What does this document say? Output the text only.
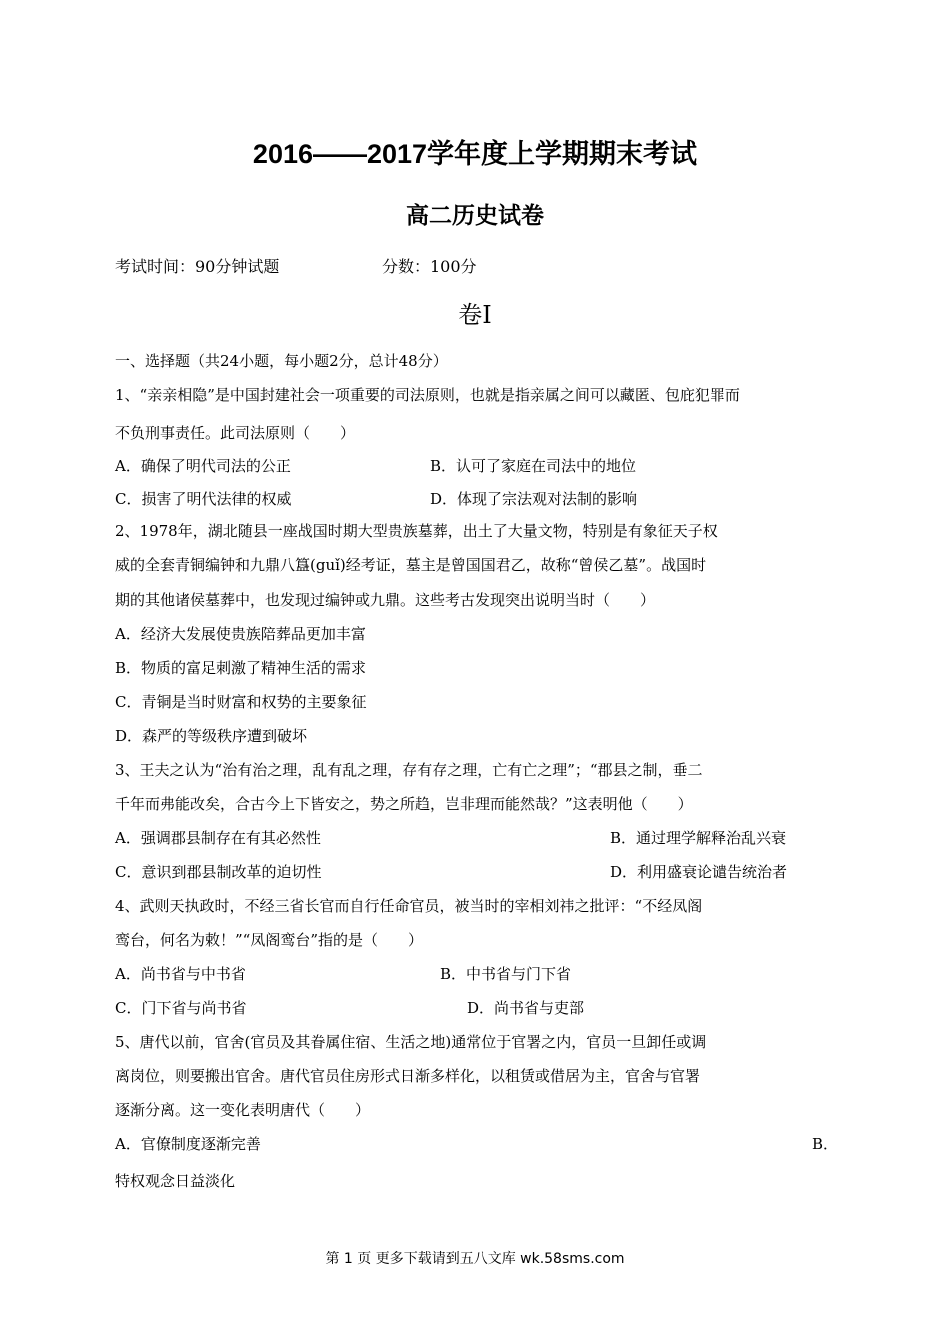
2016——2017学年度上学期期末考试
高二历史试卷
考试时间：90分钟试题	分数：100分
卷Ⅰ
一、选择题（共24小题，每小题2分，总计48分）
1、“亲亲相隐”是中国封建社会一项重要的司法原则，也就是指亲属之间可以藏匿、包庇犯罪而
不负刑事责任。此司法原则（　　）
A．确保了明代司法的公正	B．认可了家庭在司法中的地位
C．损害了明代法律的权威	D．体现了宗法观对法制的影响
2、1978年，湖北随县一座战国时期大型贵族墓葬，出土了大量文物，特别是有象征天子权
威的全套青铜编钟和九鼎八簋(guǐ)经考证，墓主是曾国国君乙，故称“曾侯乙墓”。战国时
期的其他诸侯墓葬中，也发现过编钟或九鼎。这些考古发现突出说明当时（　　）
A．经济大发展使贵族陪葬品更加丰富
B．物质的富足刺激了精神生活的需求
C．青铜是当时财富和权势的主要象征
D．森严的等级秩序遭到破坏
3、王夫之认为“治有治之理，乱有乱之理，存有存之理，亡有亡之理”；“郡县之制，垂二
千年而弗能改矣，合古今上下皆安之，势之所趋，岂非理而能然哉？”这表明他（　　）
A．强调郡县制存在有其必然性	B．通过理学解释治乱兴衰
C．意识到郡县制改革的迫切性	D．利用盛衰论谴告统治者
4、武则天执政时，不经三省长官而自行任命官员，被当时的宰相刘祎之批评：“不经凤阁
鸾台，何名为敕！”“凤阁鸾台”指的是（　　）
A．尚书省与中书省	B．中书省与门下省
C．门下省与尚书省	D．尚书省与吏部
5、唐代以前，官舍(官员及其眷属住宿、生活之地)通常位于官署之内，官员一旦卸任或调
离岗位，则要搬出官舍。唐代官员住房形式日渐多样化，以租赁或借居为主，官舍与官署
逐渐分离。这一变化表明唐代（　　）
A．官僚制度逐渐完善	B．
特权观念日益淡化
第 1 页 更多下载请到五八文库 wk.58sms.com
